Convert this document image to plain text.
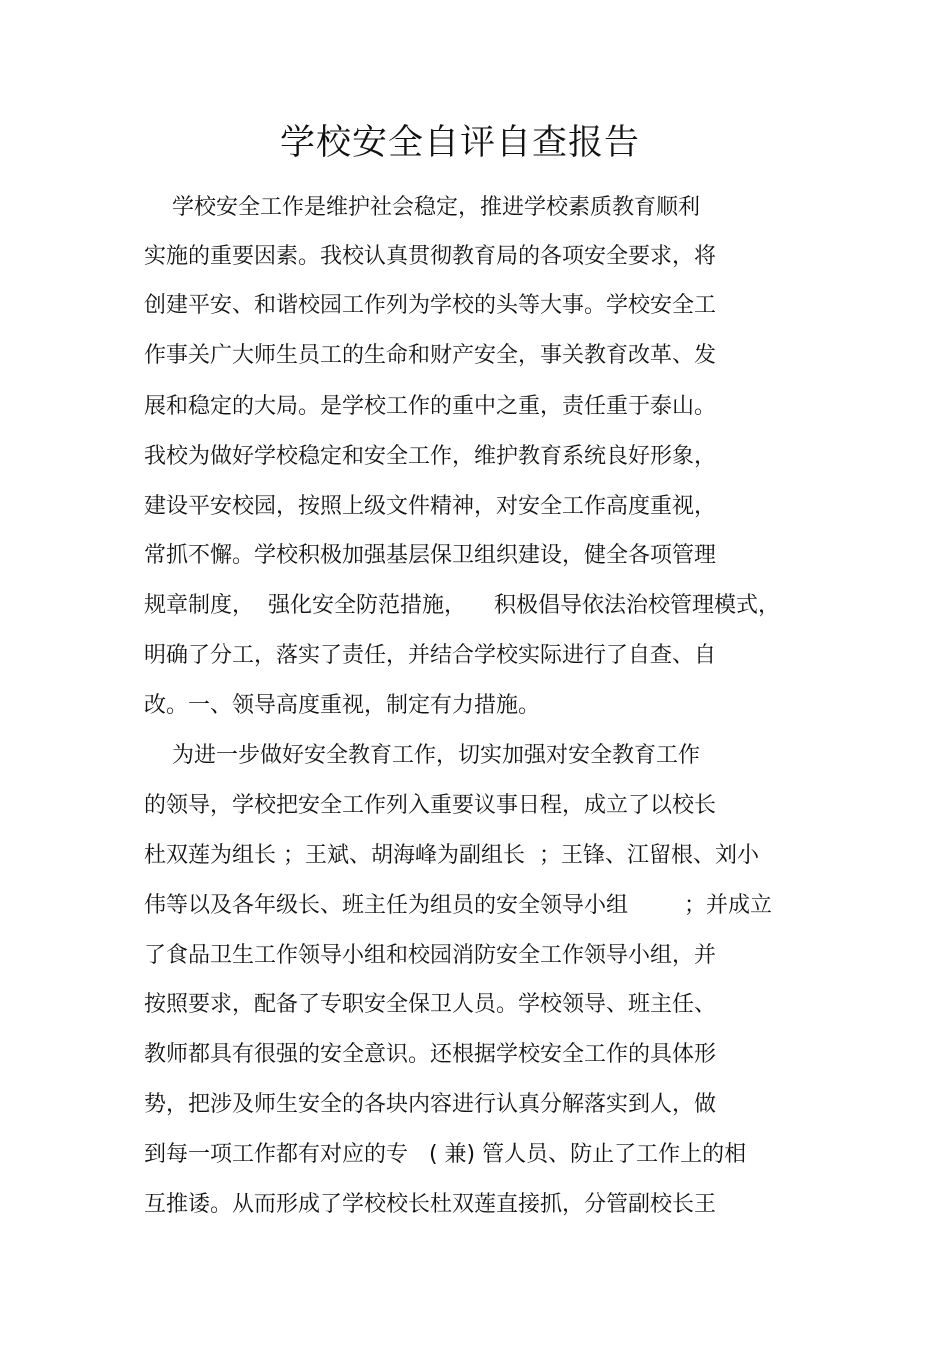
学校安全自评自查报告
学校安全工作是维护社会稳定，推进学校素质教育顺利
实施的重要因素。我校认真贯彻教育局的各项安全要求，将
创建平安、和谐校园工作列为学校的头等大事。学校安全工
作事关广大师生员工的生命和财产安全，事关教育改革、发
展和稳定的大局。是学校工作的重中之重，责任重于泰山。
我校为做好学校稳定和安全工作，维护教育系统良好形象，
建设平安校园，按照上级文件精神，对安全工作高度重视，
常抓不懈。学校积极加强基层保卫组织建设，健全各项管理
规章制度，  强化安全防范措施，    积极倡导依法治校管理模式，
明确了分工，落实了责任，并结合学校实际进行了自查、自
改。一、领导高度重视，制定有力措施。
为进一步做好安全教育工作，切实加强对安全教育工作
的领导，学校把安全工作列入重要议事日程，成立了以校长
杜双莲为组长 ；王斌、胡海峰为副组长  ；王锋、江留根、刘小
伟等以及各年级长、班主任为组员的安全领导小组        ；并成立
了食品卫生工作领导小组和校园消防安全工作领导小组，并
按照要求，配备了专职安全保卫人员。学校领导、班主任、
教师都具有很强的安全意识。还根据学校安全工作的具体形
势，把涉及师生安全的各块内容进行认真分解落实到人，做
到每一项工作都有对应的专   ( 兼) 管人员、防止了工作上的相
互推诿。从而形成了学校校长杜双莲直接抓，分管副校长王
